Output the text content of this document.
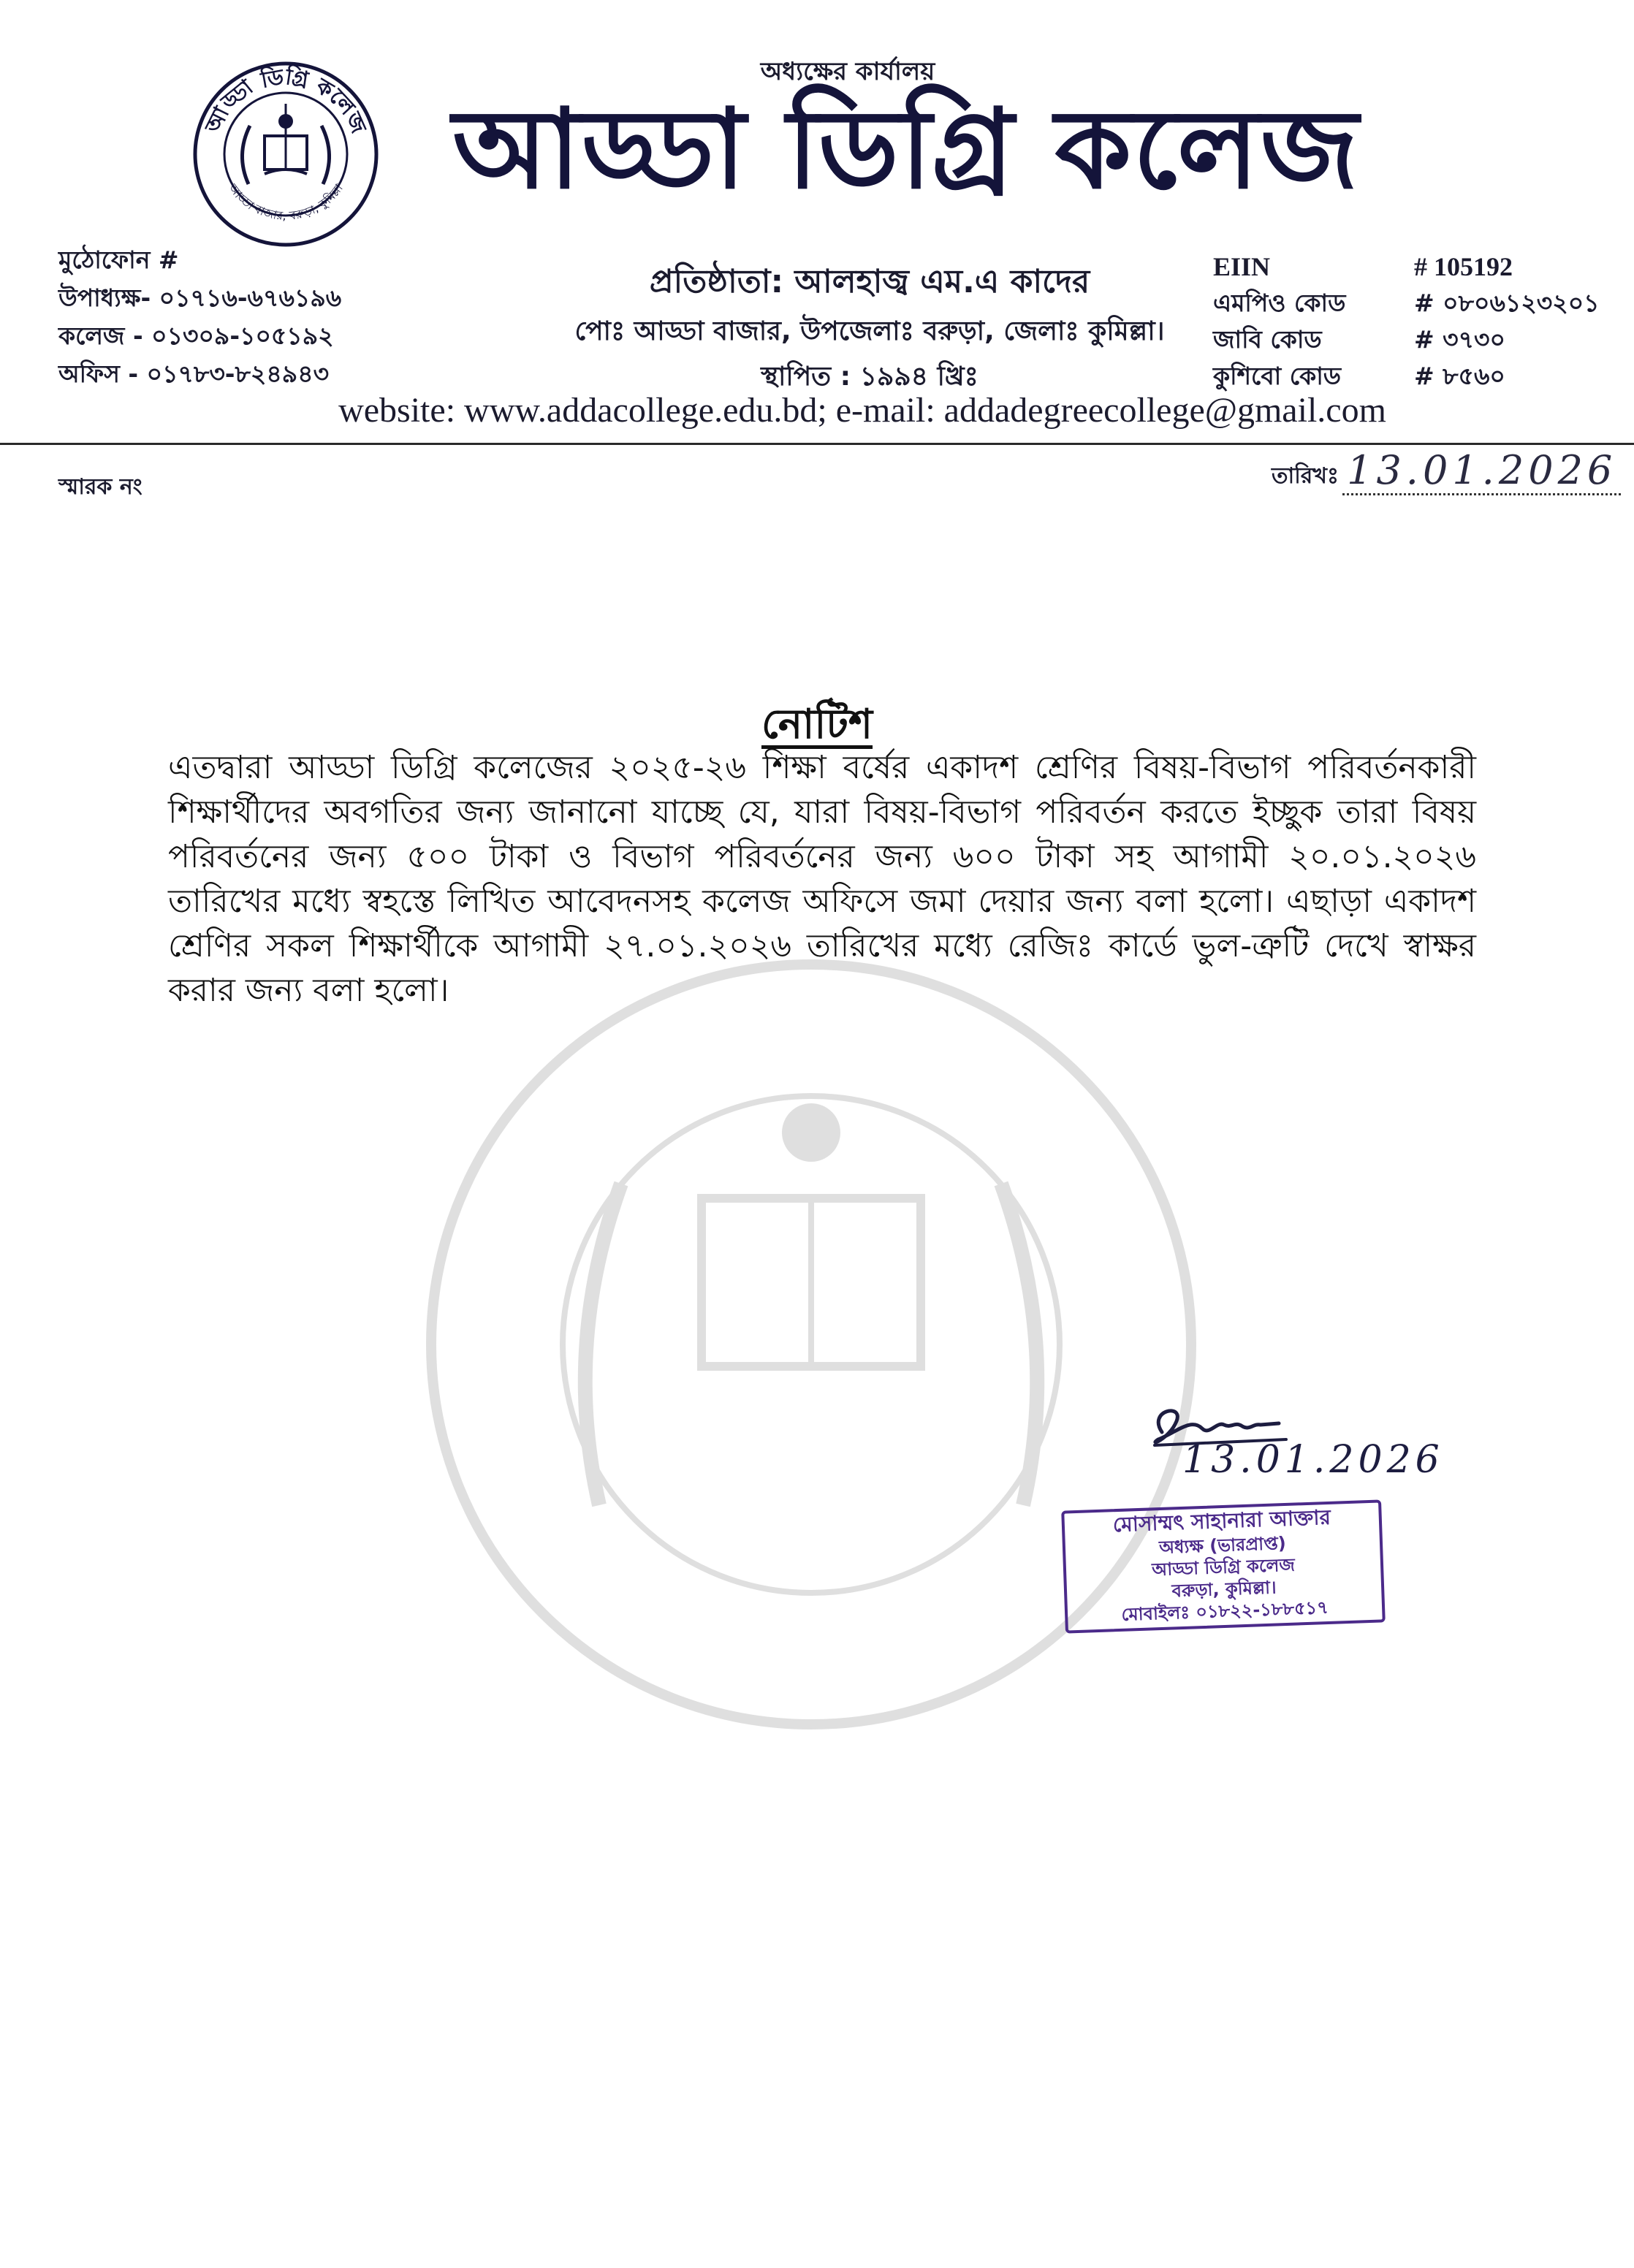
আড্ডা ডিগ্রি কলেজ
আড্ডা বাজার, বরুড়া, কুমিল্লা
অধ্যক্ষের কার্যালয়
আড্ডা ডিগ্রি কলেজ
মুঠোফোন #
উপাধ্যক্ষ- ০১৭১৬-৬৭৬১৯৬
কলেজ - ০১৩০৯-১০৫১৯২
অফিস - ০১৭৮৩-৮২৪৯৪৩
প্রতিষ্ঠাতা: আলহাজ্ব এম.এ কাদের
পোঃ আড্ডা বাজার, উপজেলাঃ বরুড়া, জেলাঃ কুমিল্লা।
স্থাপিত : ১৯৯৪ খ্রিঃ
EIIN	# 105192
এমপিও কোড	# ০৮০৬১২৩২০১
জাবি কোড	# ৩৭৩০
কুশিবো কোড	# ৮৫৬০
website: www.addacollege.edu.bd; e-mail: addadegreecollege@gmail.com
স্মারক নং	তারিখঃ 13.01.2026
নোটিশ
এতদ্বারা আড্ডা ডিগ্রি কলেজের ২০২৫-২৬ শিক্ষা বর্ষের একাদশ শ্রেণির বিষয়-বিভাগ পরিবর্তনকারী শিক্ষার্থীদের অবগতির জন্য জানানো যাচ্ছে যে, যারা বিষয়-বিভাগ পরিবর্তন করতে ইচ্ছুক তারা বিষয় পরিবর্তনের জন্য ৫০০ টাকা ও বিভাগ পরিবর্তনের জন্য ৬০০ টাকা সহ আগামী ২০.০১.২০২৬ তারিখের মধ্যে স্বহস্তে লিখিত আবেদনসহ কলেজ অফিসে জমা দেয়ার জন্য বলা হলো। এছাড়া একাদশ শ্রেণির সকল শিক্ষার্থীকে আগামী ২৭.০১.২০২৬ তারিখের মধ্যে রেজিঃ কার্ডে ভুল-ত্রুটি দেখে স্বাক্ষর করার জন্য বলা হলো।
13.01.2026
মোসাম্মৎ সাহানারা আক্তার
অধ্যক্ষ (ভারপ্রাপ্ত)
আড্ডা ডিগ্রি কলেজ
বরুড়া, কুমিল্লা।
মোবাইলঃ ০১৮২২-১৮৮৫১৭
